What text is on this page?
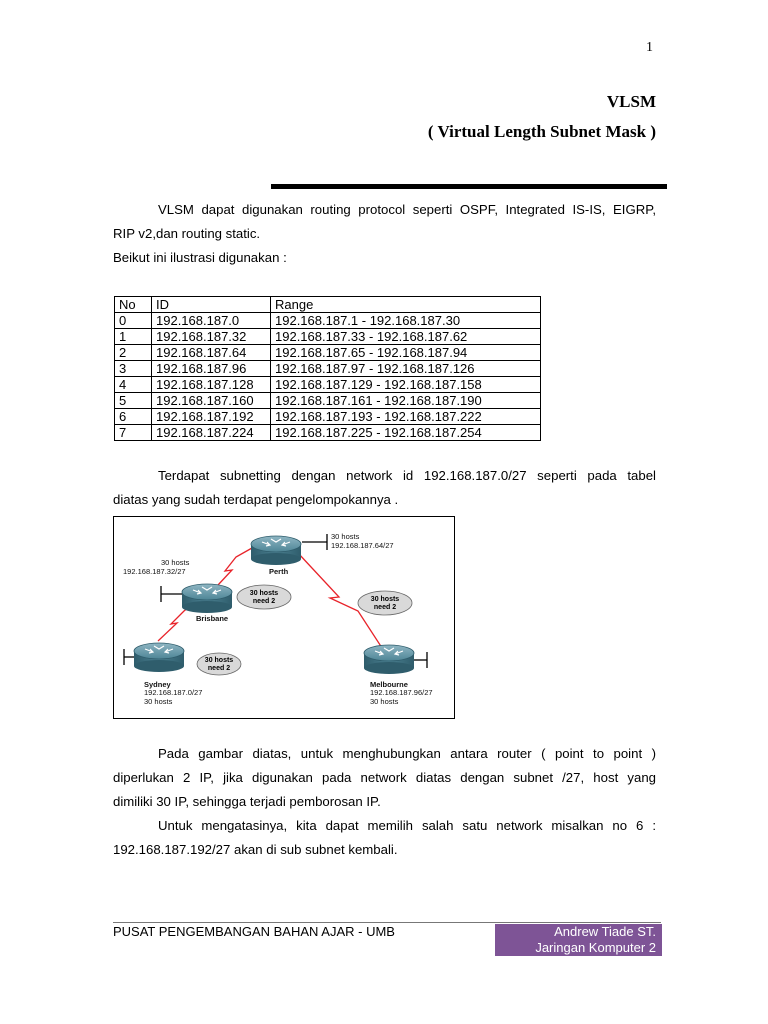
1
VLSM
( Virtual Length Subnet Mask )
VLSM dapat digunakan routing protocol seperti OSPF, Integrated IS-IS, EIGRP,
RIP v2,dan routing static.
Beikut ini ilustrasi digunakan :
No	ID	Range
0	192.168.187.0	192.168.187.1 - 192.168.187.30
1	192.168.187.32	192.168.187.33 - 192.168.187.62
2	192.168.187.64	192.168.187.65 - 192.168.187.94
3	192.168.187.96	192.168.187.97 - 192.168.187.126
4	192.168.187.128	192.168.187.129 - 192.168.187.158
5	192.168.187.160	192.168.187.161 - 192.168.187.190
6	192.168.187.192	192.168.187.193 - 192.168.187.222
7	192.168.187.224	192.168.187.225 - 192.168.187.254
Terdapat subnetting dengan network id 192.168.187.0/27 seperti pada tabel
diatas yang sudah terdapat pengelompokannya .
30 hosts
need 2	30 hosts
need 2
30 hosts
need 2
30 hosts
192.168.187.64/27
Perth
30 hosts
192.168.187.32/27
Brisbane
Sydney
192.168.187.0/27
30 hosts
Melbourne
192.168.187.96/27
30 hosts
Pada gambar diatas, untuk menghubungkan antara router ( point to point )
diperlukan 2 IP, jika digunakan pada network diatas dengan subnet /27, host yang
dimiliki 30 IP, sehingga terjadi pemborosan IP.
Untuk mengatasinya, kita dapat memilih salah satu network misalkan no 6 :
192.168.187.192/27 akan di sub subnet kembali.
PUSAT PENGEMBANGAN BAHAN AJAR - UMB	Andrew Tiade ST.
Jaringan Komputer 2
